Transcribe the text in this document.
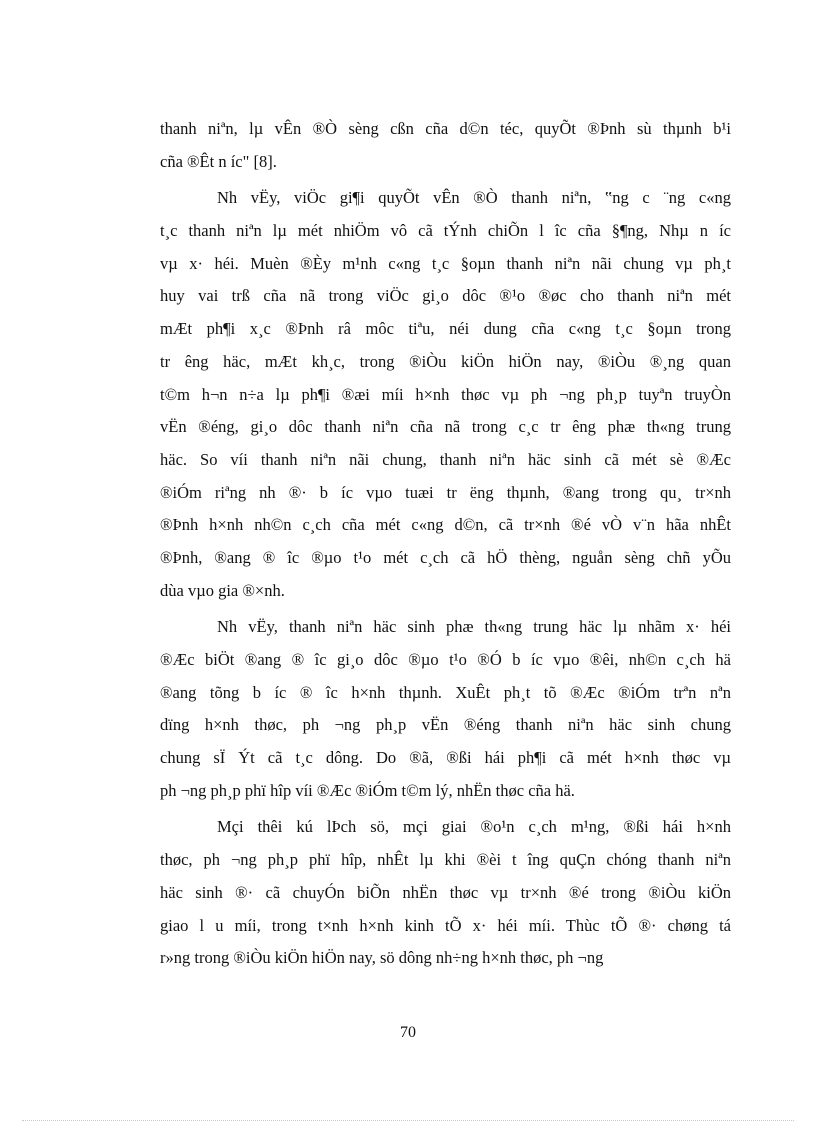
thanh niªn, lµ vÊn ®Ò sèng cßn cña d©n téc, quyÕt ®Þnh sù thµnh b¹i
cña ®Êt n íc" [8].
Nh vËy, viÖc gi¶i quyÕt vÊn ®Ò thanh niªn, ‟ng c ¨ng c«ng
t¸c thanh niªn lµ mét nhiÖm vô cã tÝnh chiÕn l îc cña §¶ng, Nhµ n íc
vµ x· héi. Muèn ®Èy m¹nh c«ng t¸c §oµn thanh niªn nãi chung vµ ph¸t
huy vai trß cña nã trong viÖc gi¸o dôc ®¹o ®øc cho thanh niªn mét
mÆt ph¶i x¸c ®Þnh râ môc tiªu, néi dung cña c«ng t¸c §oµn trong
tr êng häc, mÆt kh¸c, trong ®iÒu kiÖn hiÖn nay, ®iÒu ®¸ng quan
t©m h¬n n÷a lµ ph¶i ®æi míi h×nh thøc vµ ph ¬ng ph¸p tuyªn truyÒn
vËn ®éng, gi¸o dôc thanh niªn cña nã trong c¸c tr êng phæ th«ng trung
häc. So víi thanh niªn nãi chung, thanh niªn häc sinh cã mét sè ®Æc
®iÓm riªng nh ®· b íc vµo tuæi tr ëng thµnh, ®ang trong qu¸ tr×nh
®Þnh h×nh nh©n c¸ch cña mét c«ng d©n, cã tr×nh ®é vÒ v¨n hãa nhÊt
®Þnh, ®ang ® îc ®µo t¹o mét c¸ch cã hÖ thèng, nguån sèng chñ yÕu
dùa vµo gia ®×nh.
Nh vËy, thanh niªn häc sinh phæ th«ng trung häc lµ nhãm x· héi
®Æc biÖt ®ang ® îc gi¸o dôc ®µo t¹o ®Ó b íc vµo ®êi, nh©n c¸ch hä
®ang tõng b íc ® îc h×nh thµnh. XuÊt ph¸t tõ ®Æc ®iÓm trªn nªn
dïng h×nh thøc, ph ¬ng ph¸p vËn ®éng thanh niªn häc sinh chung
chung sÏ Ýt cã t¸c dông. Do ®ã, ®ßi hái ph¶i cã mét h×nh thøc vµ
ph ¬ng ph¸p phï hîp víi ®Æc ®iÓm t©m lý, nhËn thøc cña hä.
Mçi thêi kú lÞch sö, mçi giai ®o¹n c¸ch m¹ng, ®ßi hái h×nh
thøc, ph ¬ng ph¸p phï hîp, nhÊt lµ khi ®èi t îng quÇn chóng thanh niªn
häc sinh ®· cã chuyÓn biÕn nhËn thøc vµ tr×nh ®é trong ®iÒu kiÖn
giao l u míi, trong t×nh h×nh kinh tÕ x· héi míi. Thùc tÕ ®· chøng tá
r»ng trong ®iÒu kiÖn hiÖn nay, sö dông nh÷ng h×nh thøc, ph ¬ng
70
